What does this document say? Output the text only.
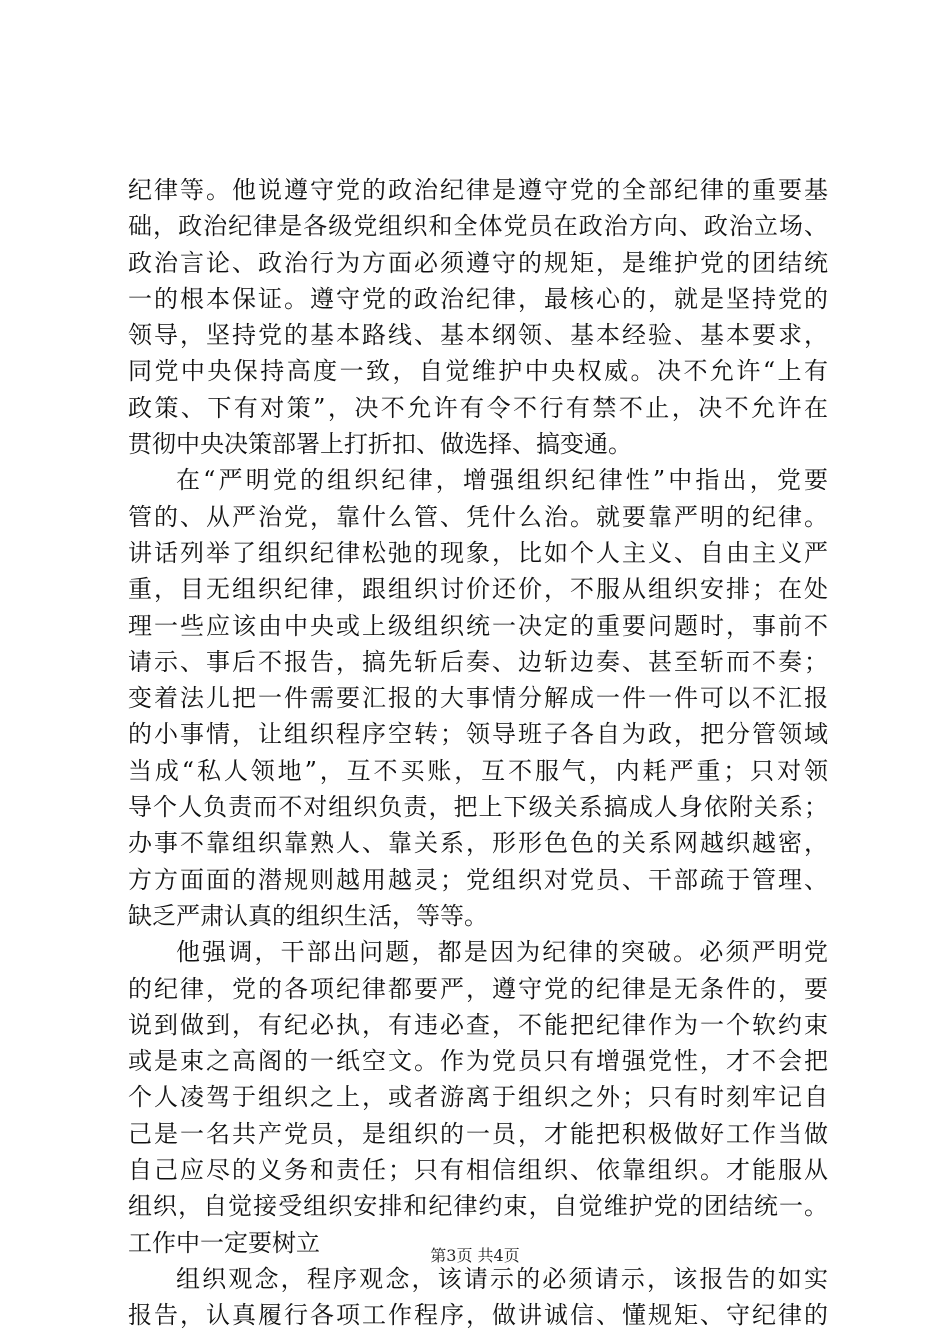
纪律等。他说遵守党的政治纪律是遵守党的全部纪律的重要基
础，政治纪律是各级党组织和全体党员在政治方向、政治立场、
政治言论、政治行为方面必须遵守的规矩，是维护党的团结统
一的根本保证。遵守党的政治纪律，最核心的，就是坚持党的
领导，坚持党的基本路线、基本纲领、基本经验、基本要求，
同党中央保持高度一致，自觉维护中央权威。决不允许“上有
政策、下有对策”，决不允许有令不行有禁不止，决不允许在
贯彻中央决策部署上打折扣、做选择、搞变通。
在“严明党的组织纪律，增强组织纪律性”中指出，党要
管的、从严治党，靠什么管、凭什么治。就要靠严明的纪律。
讲话列举了组织纪律松弛的现象，比如个人主义、自由主义严
重，目无组织纪律，跟组织讨价还价，不服从组织安排；在处
理一些应该由中央或上级组织统一决定的重要问题时，事前不
请示、事后不报告，搞先斩后奏、边斩边奏、甚至斩而不奏；
变着法儿把一件需要汇报的大事情分解成一件一件可以不汇报
的小事情，让组织程序空转；领导班子各自为政，把分管领域
当成“私人领地”，互不买账，互不服气，内耗严重；只对领
导个人负责而不对组织负责，把上下级关系搞成人身依附关系；
办事不靠组织靠熟人、靠关系，形形色色的关系网越织越密，
方方面面的潜规则越用越灵；党组织对党员、干部疏于管理、
缺乏严肃认真的组织生活，等等。
他强调，干部出问题，都是因为纪律的突破。必须严明党
的纪律，党的各项纪律都要严，遵守党的纪律是无条件的，要
说到做到，有纪必执，有违必查，不能把纪律作为一个软约束
或是束之高阁的一纸空文。作为党员只有增强党性，才不会把
个人凌驾于组织之上，或者游离于组织之外；只有时刻牢记自
己是一名共产党员，是组织的一员，才能把积极做好工作当做
自己应尽的义务和责任；只有相信组织、依靠组织。才能服从
组织，自觉接受组织安排和纪律约束，自觉维护党的团结统一。
工作中一定要树立
组织观念，程序观念，该请示的必须请示，该报告的如实
报告，认真履行各项工作程序，做讲诚信、懂规矩、守纪律的
第3页 共4页
